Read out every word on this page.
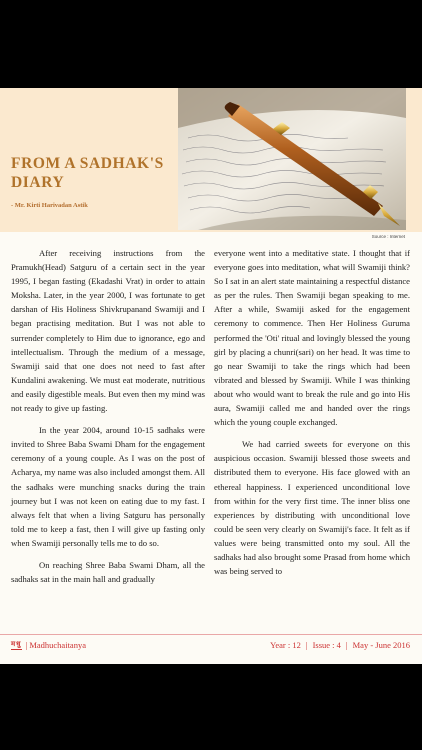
FROM A SADHAK'S DIARY
- Mr. Kirti Harivadan Astik
Source : Internet

After receiving instructions from the Pramukh(Head) Satguru of a certain sect in the year 1995, I began fasting (Ekadashi Vrat) in order to attain Moksha. Later, in the year 2000, I was fortunate to get darshan of His Holiness Shivkrupanand Swamiji and I began practising meditation. But I was not able to surrender completely to Him due to ignorance, ego and intellectualism. Through the medium of a message, Swamiji said that one does not need to fast after Kundalini awakening. We must eat moderate, nutritious and easily digestible meals. But even then my mind was not ready to give up fasting.

In the year 2004, around 10-15 sadhaks were invited to Shree Baba Swami Dham for the engagement ceremony of a young couple. As I was on the post of Acharya, my name was also included amongst them. All the sadhaks were munching snacks during the train journey but I was not keen on eating due to my fast. I always felt that when a living Satguru has personally told me to keep a fast, then I will give up fasting only when Swamiji personally tells me to do so.

On reaching Shree Baba Swami Dham, all the sadhaks sat in the main hall and gradually

everyone went into a meditative state. I thought that if everyone goes into meditation, what will Swamiji think? So I sat in an alert state maintaining a respectful distance as per the rules. Then Swamiji began speaking to me. After a while, Swamiji asked for the engagement ceremony to commence. Then Her Holiness Guruma performed the 'Oti' ritual and lovingly blessed the young girl by placing a chunri(sari) on her head. It was time to go near Swamiji to take the rings which had been vibrated and blessed by Swamiji. While I was thinking about who would want to break the rule and go into His aura, Swamiji called me and handed over the rings which the young couple exchanged.

We had carried sweets for everyone on this auspicious occasion. Swamiji blessed those sweets and distributed them to everyone. His face glowed with an ethereal happiness. I experienced unconditional love from within for the very first time. The inner bliss one experiences by distributing with unconditional love could be seen very clearly on Swamiji's face. It felt as if values were being transmitted onto my soul. All the sadhaks had also brought some Prasad from home which was being served to

मधु | Madhuchaitanya	Year : 12 | Issue : 4 | May - June 2016
